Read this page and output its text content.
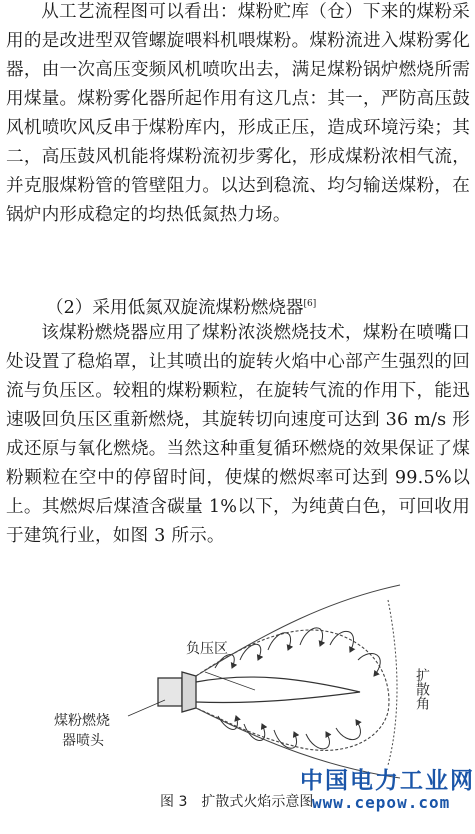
从工艺流程图可以看出：煤粉贮库（仓）下来的煤粉采用的是改进型双管螺旋喂料机喂煤粉。煤粉流进入煤粉雾化器，由一次高压变频风机喷吹出去，满足煤粉锅炉燃烧所需用煤量。煤粉雾化器所起作用有这几点：其一，严防高压鼓风机喷吹风反串于煤粉库内，形成正压，造成环境污染；其二，高压鼓风机能将煤粉流初步雾化，形成煤粉浓相气流，并克服煤粉管的管壁阻力。以达到稳流、均匀输送煤粉，在锅炉内形成稳定的均热低氮热力场。

（2）采用低氮双旋流煤粉燃烧器[6]

该煤粉燃烧器应用了煤粉浓淡燃烧技术，煤粉在喷嘴口处设置了稳焰罩，让其喷出的旋转火焰中心部产生强烈的回流与负压区。较粗的煤粉颗粒，在旋转气流的作用下，能迅速吸回负压区重新燃烧，其旋转切向速度可达到 36 m/s 形成还原与氧化燃烧。当然这种重复循环燃烧的效果保证了煤粉颗粒在空中的停留时间，使煤的燃烬率可达到 99.5%以上。其燃烬后煤渣含碳量 1%以下，为纯黄白色，可回收用于建筑行业，如图 3 所示。

负压区
煤粉燃烧
器喷头
扩散角
图 3　扩散式火焰示意图
中国电力工业网
www.cepow.com
